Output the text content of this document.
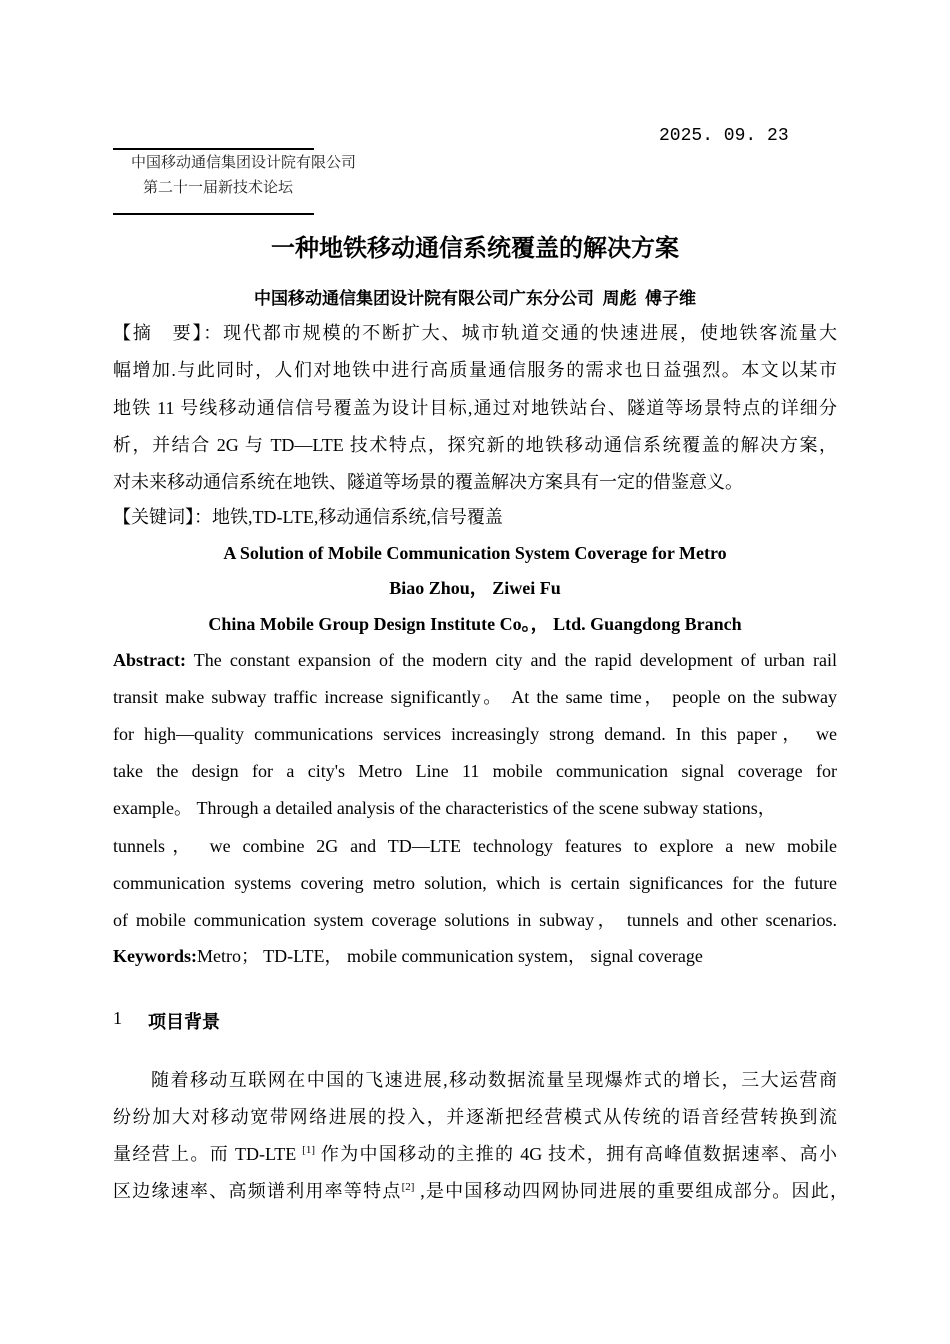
2025. 09. 23
中国移动通信集团设计院有限公司
第二十一届新技术论坛
一种地铁移动通信系统覆盖的解决方案
中国移动通信集团设计院有限公司广东分公司  周彪  傅子维
【摘　要】：现代都市规模的不断扩大、城市轨道交通的快速进展，使地铁客流量大
幅增加.与此同时，人们对地铁中进行高质量通信服务的需求也日益强烈。本文以某市
地铁 11 号线移动通信信号覆盖为设计目标,通过对地铁站台、隧道等场景特点的详细分
析，并结合 2G 与 TD—LTE 技术特点，探究新的地铁移动通信系统覆盖的解决方案，
对未来移动通信系统在地铁、隧道等场景的覆盖解决方案具有一定的借鉴意义。
【关键词】：地铁,TD-LTE,移动通信系统,信号覆盖
A Solution of Mobile Communication System Coverage for Metro
Biao Zhou， Ziwei Fu
China Mobile Group Design Institute Co。， Ltd. Guangdong Branch
Abstract: The constant expansion of the modern city and the rapid development of urban rail
transit make subway traffic increase significantly。 At the same time， people on the subway
for high—quality communications services increasingly strong demand. In this paper， we
take the design for a city's Metro Line 11 mobile communication signal coverage for
example。 Through a detailed analysis of the characteristics of the scene subway stations，
tunnels， we combine 2G and TD—LTE technology features to explore a new mobile
communication systems covering metro solution, which is certain significances for the future
of mobile communication system coverage solutions in subway， tunnels and other scenarios.
Keywords:Metro； TD-LTE， mobile communication system， signal coverage
1 项目背景
随着移动互联网在中国的飞速进展,移动数据流量呈现爆炸式的增长，三大运营商
纷纷加大对移动宽带网络进展的投入，并逐渐把经营模式从传统的语音经营转换到流
量经营上。而 TD-LTE [1] 作为中国移动的主推的 4G 技术，拥有高峰值数据速率、高小
区边缘速率、高频谱利用率等特点[2] ,是中国移动四网协同进展的重要组成部分。因此，
